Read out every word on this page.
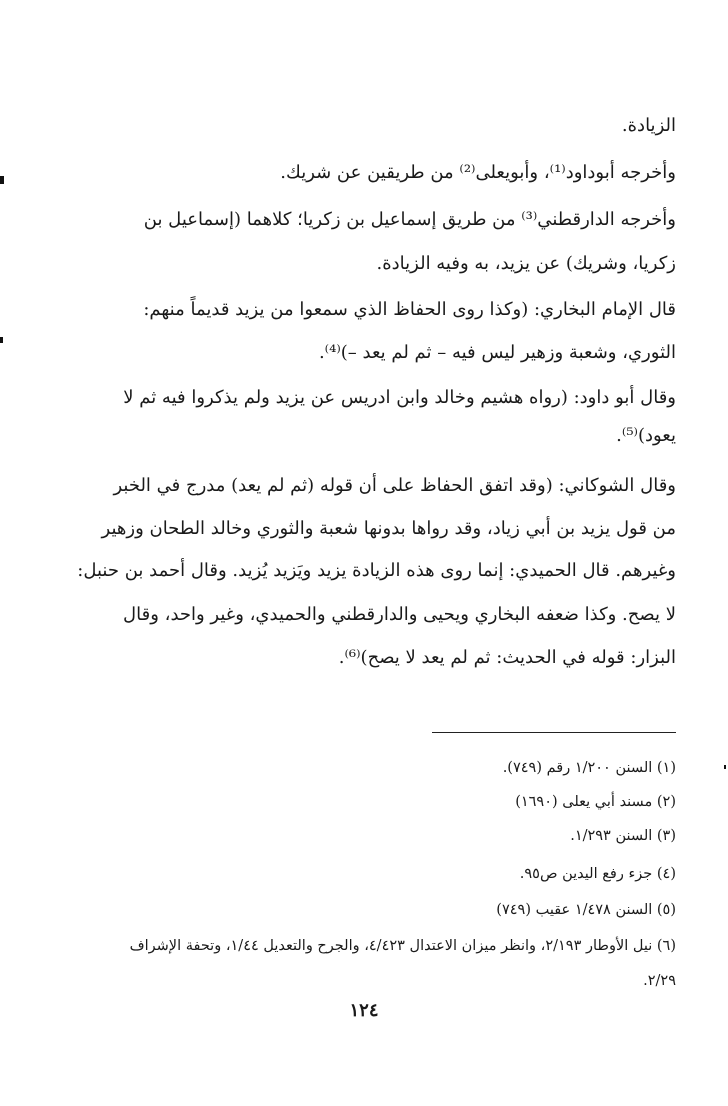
الزيادة.
وأخرجه أبوداود⁽¹⁾، وأبويعلى⁽²⁾ من طريقين عن شريك.
وأخرجه الدارقطني⁽³⁾ من طريق إسماعيل بن زكريا؛ كلاهما (إسماعيل بن
زكريا، وشريك) عن يزيد، به وفيه الزيادة.
قال الإمام البخاري: (وكذا روى الحفاظ الذي سمعوا من يزيد قديماً منهم:
الثوري، وشعبة وزهير ليس فيه – ثم لم يعد –)⁽⁴⁾.
وقال أبو داود: (رواه هشيم وخالد وابن ادريس عن يزيد ولم يذكروا فيه ثم لا
يعود)⁽⁵⁾.
وقال الشوكاني: (وقد اتفق الحفاظ على أن قوله (ثم لم يعد) مدرج في الخبر
من قول يزيد بن أبي زياد، وقد رواها بدونها شعبة والثوري وخالد الطحان وزهير
وغيرهم. قال الحميدي: إنما روى هذه الزيادة يزيد ويَزيد يُزيد. وقال أحمد بن حنبل:
لا يصح. وكذا ضعفه البخاري ويحيى والدارقطني والحميدي، وغير واحد، وقال
البزار: قوله في الحديث: ثم لم يعد لا يصح)⁽⁶⁾.
(١) السنن ١/٢٠٠ رقم (٧٤٩).
(٢) مسند أبي يعلى (١٦٩٠)
(٣) السنن ١/٢٩٣.
(٤) جزء رفع اليدين ص٩٥.
(٥) السنن ١/٤٧٨ عقيب (٧٤٩)
(٦) نيل الأوطار ٢/١٩٣، وانظر ميزان الاعتدال ٤/٤٢٣، والجرح والتعديل ١/٤٤، وتحفة الإشراف
٢/٢٩.
١٢٤
